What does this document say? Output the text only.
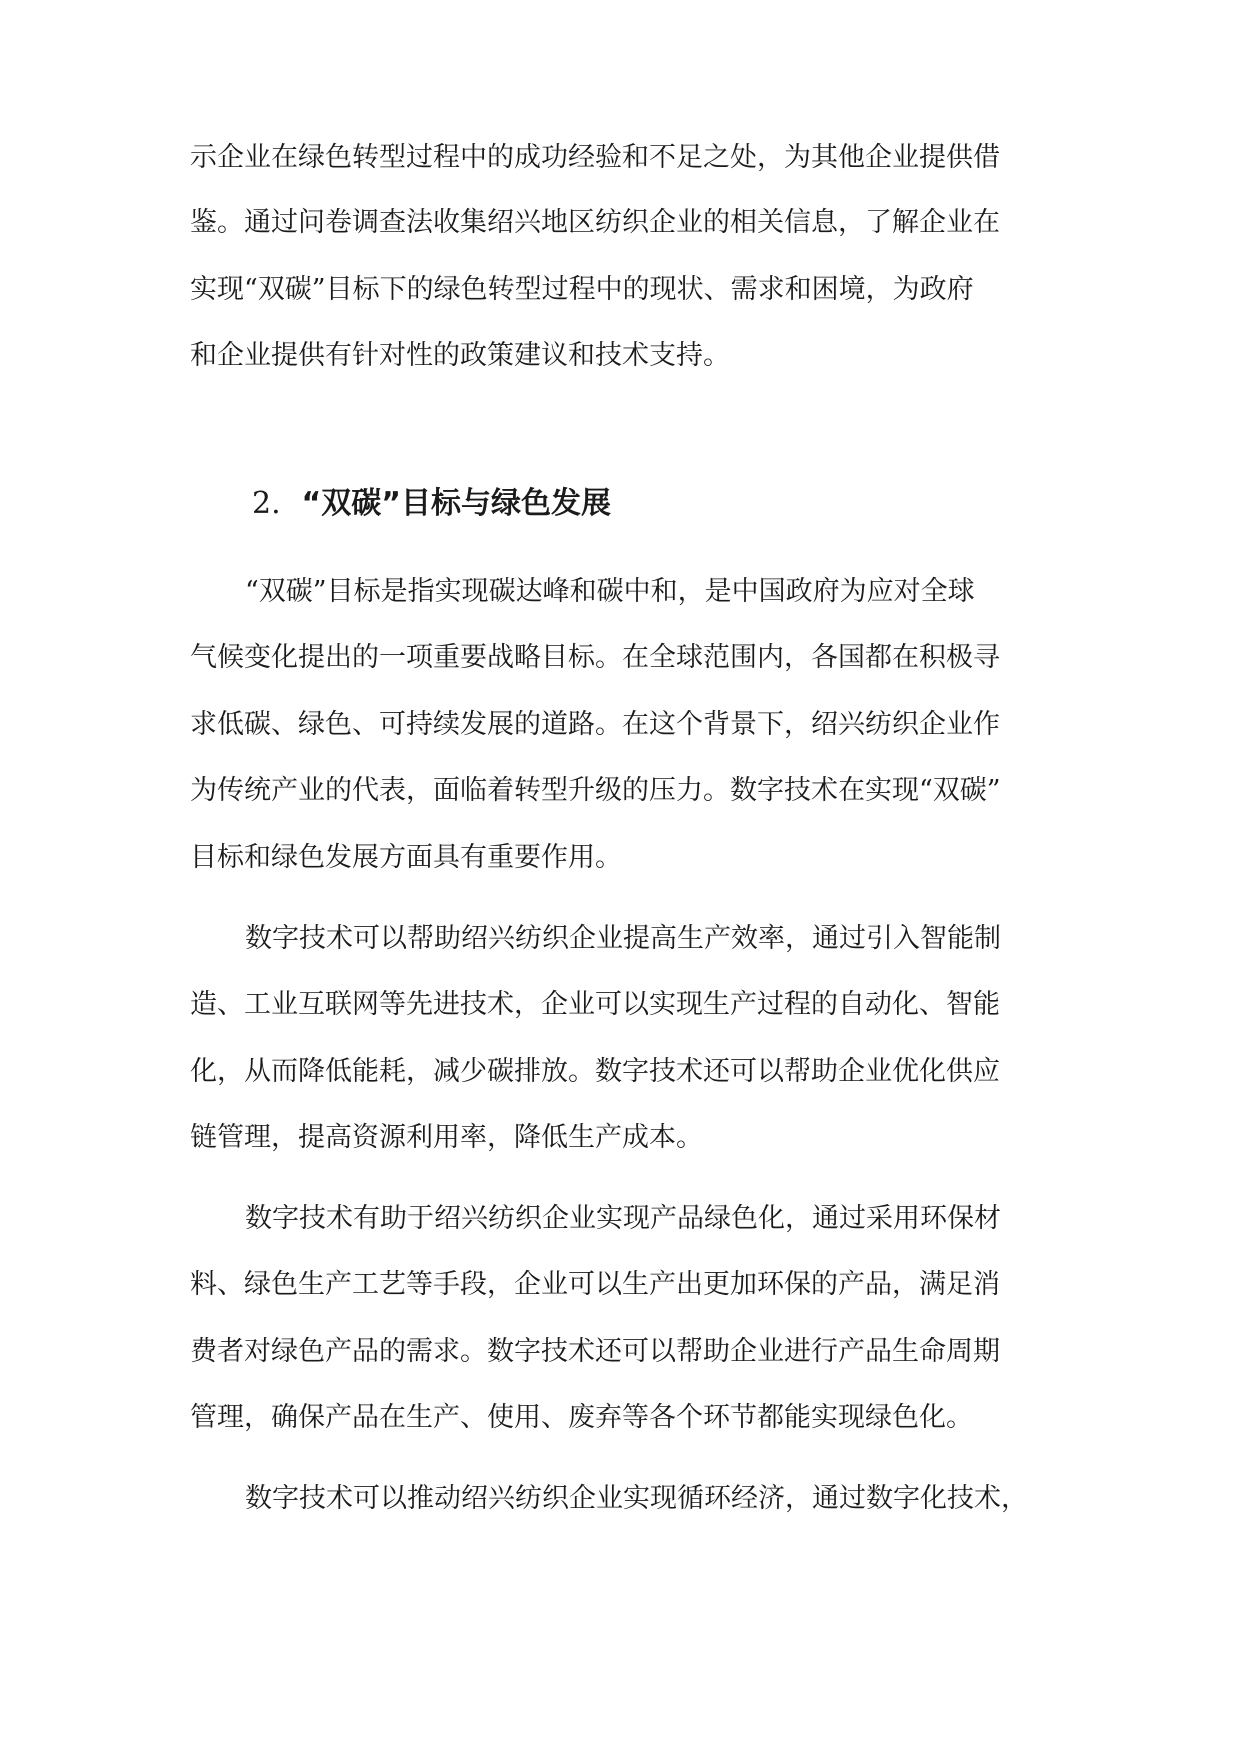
示企业在绿色转型过程中的成功经验和不足之处，为其他企业提供借
鉴。通过问卷调查法收集绍兴地区纺织企业的相关信息，了解企业在
实现“双碳”目标下的绿色转型过程中的现状、需求和困境，为政府
和企业提供有针对性的政策建议和技术支持。
2. “双碳”目标与绿色发展
“双碳”目标是指实现碳达峰和碳中和，是中国政府为应对全球
气候变化提出的一项重要战略目标。在全球范围内，各国都在积极寻
求低碳、绿色、可持续发展的道路。在这个背景下，绍兴纺织企业作
为传统产业的代表，面临着转型升级的压力。数字技术在实现“双碳”
目标和绿色发展方面具有重要作用。
数字技术可以帮助绍兴纺织企业提高生产效率，通过引入智能制
造、工业互联网等先进技术，企业可以实现生产过程的自动化、智能
化，从而降低能耗，减少碳排放。数字技术还可以帮助企业优化供应
链管理，提高资源利用率，降低生产成本。
数字技术有助于绍兴纺织企业实现产品绿色化，通过采用环保材
料、绿色生产工艺等手段，企业可以生产出更加环保的产品，满足消
费者对绿色产品的需求。数字技术还可以帮助企业进行产品生命周期
管理，确保产品在生产、使用、废弃等各个环节都能实现绿色化。
数字技术可以推动绍兴纺织企业实现循环经济，通过数字化技术，
